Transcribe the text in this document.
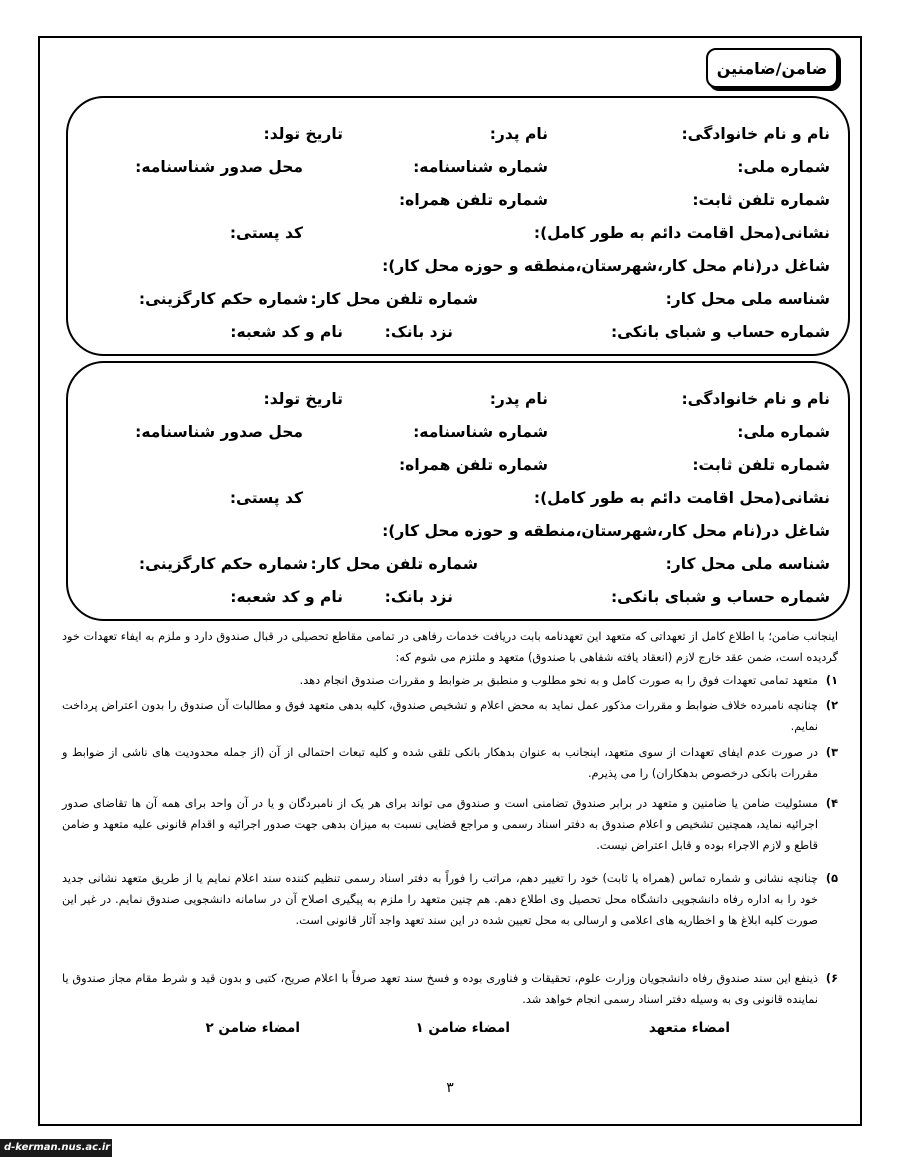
ضامن/ضامنین
نام و نام خانوادگی:
نام پدر:
تاریخ تولد:
شماره ملی:
شماره شناسنامه:
محل صدور شناسنامه:
شماره تلفن ثابت:
شماره تلفن همراه:
نشانی(محل اقامت دائم به طور کامل):
کد پستی:
شاغل در(نام محل کار،شهرستان،منطقه و حوزه محل کار):
شناسه ملی محل کار:
شماره تلفن محل کار:
شماره حکم کارگزینی:
شماره حساب و شبای بانکی:
نزد بانک:
نام و کد شعبه:
نام و نام خانوادگی:
نام پدر:
تاریخ تولد:
شماره ملی:
شماره شناسنامه:
محل صدور شناسنامه:
شماره تلفن ثابت:
شماره تلفن همراه:
نشانی(محل اقامت دائم به طور کامل):
کد پستی:
شاغل در(نام محل کار،شهرستان،منطقه و حوزه محل کار):
شناسه ملی محل کار:
شماره تلفن محل کار:
شماره حکم کارگزینی:
شماره حساب و شبای بانکی:
نزد بانک:
نام و کد شعبه:
اینجانب ضامن؛ با اطلاع کامل از تعهداتی که متعهد این تعهدنامه بابت دریافت خدمات رفاهی در تمامی مقاطع تحصیلی در قبال صندوق دارد و ملزم به ایفاء تعهدات خود گردیده است، ضمن عقد خارج لازم (انعقاد یافته شفاهی با صندوق) متعهد و ملتزم می شوم که:
۱)
متعهد تمامی تعهدات فوق را به صورت کامل و به نحو مطلوب و منطبق بر ضوابط و مقررات صندوق انجام دهد.
۲)
چنانچه نامبرده خلاف ضوابط و مقررات مذکور عمل نماید به محض اعلام و تشخیص صندوق، کلیه بدهی متعهد فوق و مطالبات آن صندوق را بدون اعتراض پرداخت نمایم.
۳)
در صورت عدم ایفای تعهدات از سوی متعهد، اینجانب به عنوان بدهکار بانکی تلقی شده و کلیه تبعات احتمالی از آن (از جمله محدودیت های ناشی از ضوابط و مقررات بانکی درخصوص بدهکاران) را می پذیرم.
۴)
مسئولیت ضامن یا ضامنین و متعهد در برابر صندوق تضامنی است و صندوق می تواند برای هر یک از نامبردگان و یا در آن واحد برای همه آن ها تقاضای صدور اجرائیه نماید، همچنین تشخیص و اعلام صندوق به دفتر اسناد رسمی و مراجع قضایی نسبت به میزان بدهی جهت صدور اجرائیه و اقدام قانونی علیه متعهد و ضامن قاطع و لازم الاجراء بوده و قابل اعتراض نیست.
۵)
چنانچه نشانی و شماره تماس (همراه یا ثابت) خود را تغییر دهم، مراتب را فوراً به دفتر اسناد رسمی تنظیم کننده سند اعلام نمایم یا از طریق متعهد نشانی جدید خود را به اداره رفاه دانشجویی دانشگاه محل تحصیل وی اطلاع دهم. هم چنین متعهد را ملزم به پیگیری اصلاح آن در سامانه دانشجویی صندوق نمایم. در غیر این صورت کلیه ابلاغ ها و اخطاریه های اعلامی و ارسالی به محل تعیین شده در این سند تعهد واجد آثار قانونی است.
۶)
ذینفع این سند صندوق رفاه دانشجویان وزارت علوم، تحقیقات و فناوری بوده و فسخ سند تعهد صرفاً با اعلام صریح، کتبی و بدون قید و شرط مقام مجاز صندوق یا نماینده قانونی وی به وسیله دفتر اسناد رسمی انجام خواهد شد.
امضاء متعهد
امضاء ضامن ۱
امضاء ضامن ۲
۳
d-kerman.nus.ac.ir
